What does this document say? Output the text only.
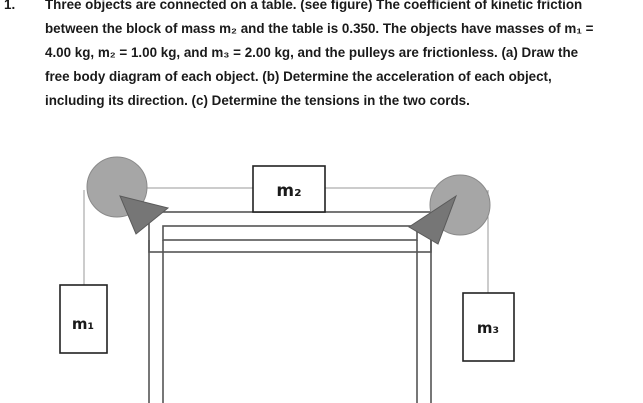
1. Three objects are connected on a table. (see figure) The coefficient of kinetic friction
between the block of mass m₂ and the table is 0.350. The objects have masses of m₁ =
4.00 kg, m₂ = 1.00 kg, and m₃ = 2.00 kg, and the pulleys are frictionless. (a) Draw the
free body diagram of each object. (b) Determine the acceleration of each object,
including its direction. (c) Determine the tensions in the two cords.
m₂
m₁	m₃
